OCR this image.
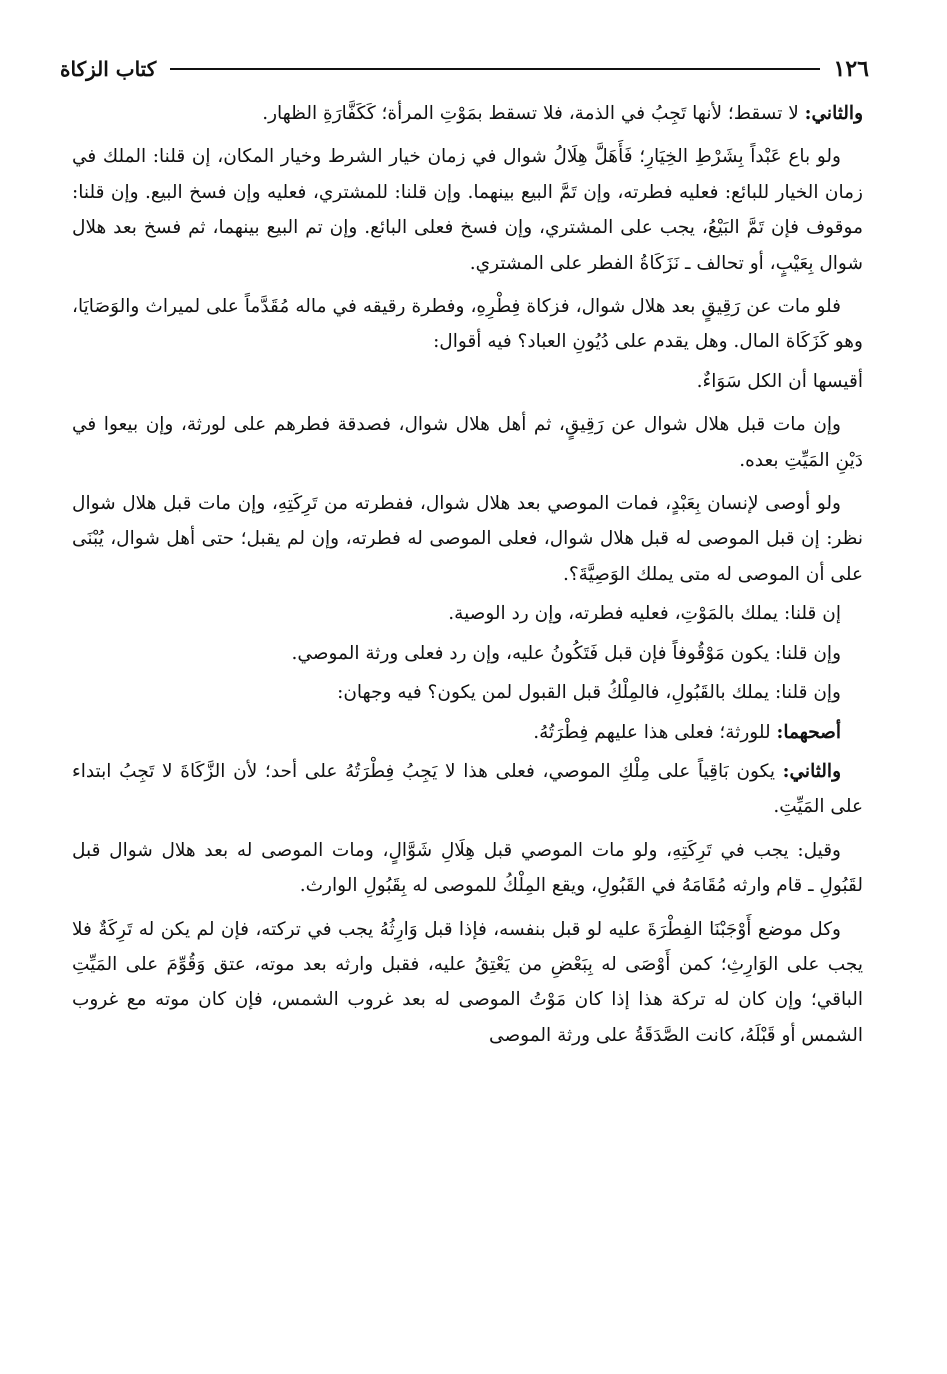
١٢٦
كتاب الزكاة

والثاني: لا تسقط؛ لأنها تَجِبُ في الذمة، فلا تسقط بمَوْتِ المرأة؛ كَكَفَّارَةِ الظهار.

ولو باع عَبْداً بِشَرْطِ الخِيَارِ؛ فَأَهَلَّ هِلَالُ شوال في زمان خيار الشرط وخيار المكان، إن قلنا: الملك في زمان الخيار للبائع: فعليه فطرته، وإن تَمَّ البيع بينهما. وإن قلنا: للمشتري، فعليه وإن فسخ البيع. وإن قلنا: موقوف فإن تَمَّ البَيْعُ، يجب على المشتري، وإن فسخ فعلى البائع. وإن تم البيع بينهما، ثم فسخ بعد هلال شوال بِعَيْبٍ، أو تحالف ـ نَزَكَاةُ الفطر على المشتري.

فلو مات عن رَقِيقٍ بعد هلال شوال، فزكاة فِطْرِهِ، وفطرة رقيقه في ماله مُقَدَّماً على لميراث والوَصَايَا، وهو كَزَكَاة المال. وهل يقدم على دُيُونِ العباد؟ فيه أقوال:

أقيسها أن الكل سَوَاءٌ.

وإن مات قبل هلال شوال عن رَقِيقٍ، ثم أهل هلال شوال، فصدقة فطرهم على لورثة، وإن بيعوا في دَيْنِ المَيِّتِ بعده.

ولو أوصى لإنسان بِعَبْدٍ، فمات الموصي بعد هلال شوال، ففطرته من تَرِكَتِهِ، وإن مات قبل هلال شوال نظر: إن قبل الموصى له قبل هلال شوال، فعلى الموصى له فطرته، وإن لم يقبل؛ حتى أهل شوال، يُبْنَى على أن الموصى له متى يملك الوَصِيَّةَ؟.

إن قلنا: يملك بالمَوْتِ، فعليه فطرته، وإن رد الوصية.

وإن قلنا: يكون مَوْقُوفاً فإن قبل فَتَكُونُ عليه، وإن رد فعلى ورثة الموصي.

وإن قلنا: يملك بالقَبُولِ، فالمِلْكُ قبل القبول لمن يكون؟ فيه وجهان:

أصحهما: للورثة؛ فعلى هذا عليهم فِطْرَتُهُ.

والثاني: يكون بَاقِياً على مِلْكِ الموصي، فعلى هذا لا يَجِبُ فِطْرَتُهُ على أحد؛ لأن الزَّكَاةَ لا تَجِبُ ابتداء على المَيِّتِ.

وقيل: يجب في تَرِكَتِهِ، ولو مات الموصي قبل هِلَالِ شَوَّالٍ، ومات الموصى له بعد هلال شوال قبل لقَبُولِ ـ قام وارثه مُقَامَهُ في القَبُولِ، ويقع المِلْكُ للموصى له بِقَبُولِ الوارث.

وكل موضع أَوْجَبْنَا الفِطْرَةَ عليه لو قبل بنفسه، فإذا قبل وَارِثُهُ يجب في تركته، فإن لم يكن له تَرِكَةٌ فلا يجب على الوَارِثِ؛ كمن أَوْصَى له بِبَعْضِ من يَعْتِقُ عليه، فقبل وارثه بعد موته، عتق وَقُوِّمَ على المَيِّتِ الباقي؛ وإن كان له تركة هذا إذا كان مَوْتُ الموصى له بعد غروب الشمس، فإن كان موته مع غروب الشمس أو قَبْلَهُ، كانت الصَّدَقَةُ على ورثة الموصى
